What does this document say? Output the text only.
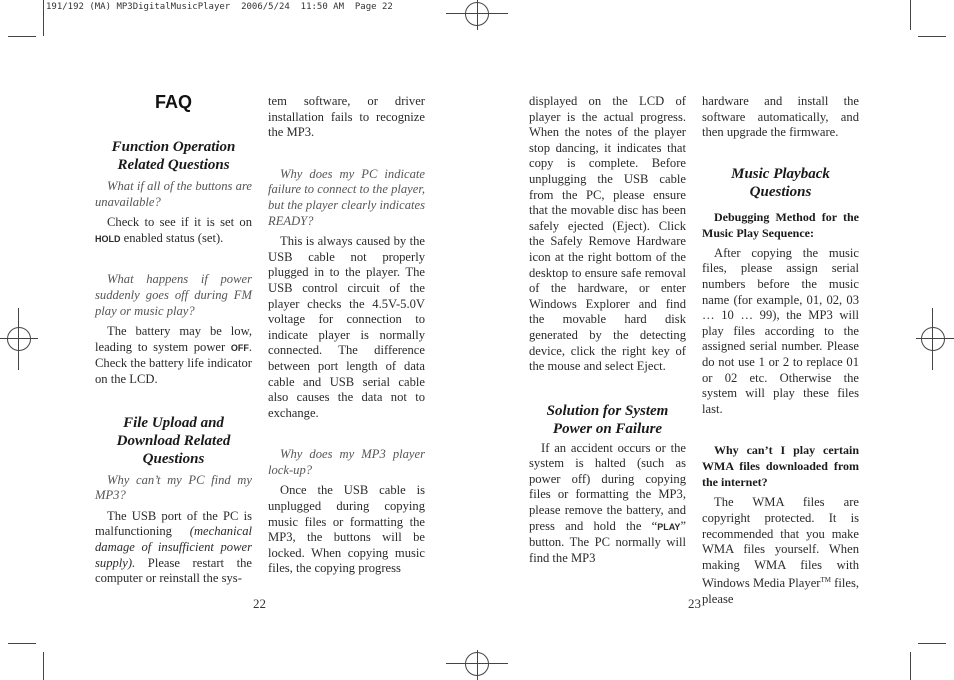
191/192 (MA) MP3DigitalMusicPlayer  2006/5/24  11:50 AM  Page 22
FAQ

Function Operation Related Questions

What if all of the buttons are unavailable?

Check to see if it is set on HOLD enabled status (set).

What happens if power suddenly goes off during FM play or music play?

The battery may be low, leading to system power OFF. Check the battery life indicator on the LCD.

File Upload and Download Related Questions

Why can’t my PC find my MP3?

The USB port of the PC is malfunctioning (mechanical damage of insufficient power supply). Please restart the computer or reinstall the sys-

tem software, or driver installation fails to recognize the MP3.

Why does my PC indicate failure to connect to the player, but the player clearly indicates READY?

This is always caused by the USB cable not properly plugged in to the player. The USB control circuit of the player checks the 4.5V-5.0V voltage for connection to indicate player is normally connected. The difference between port length of data cable and USB serial cable also causes the data not to exchange.

Why does my MP3 player lock-up?

Once the USB cable is unplugged during copying music files or formatting the MP3, the buttons will be locked. When copying music files, the copying progress

displayed on the LCD of player is the actual progress. When the notes of the player stop dancing, it indicates that copy is complete. Before unplugging the USB cable from the PC, please ensure that the movable disc has been safely ejected (Eject). Click the Safely Remove Hardware icon at the right bottom of the desktop to ensure safe removal of the hardware, or enter Windows Explorer and find the movable hard disk generated by the detecting device, click the right key of the mouse and select Eject.

Solution for System Power on Failure

If an accident occurs or the system is halted (such as power off) during copying files or formatting the MP3, please remove the battery, and press and hold the “PLAY” button. The PC normally will find the MP3

hardware and install the software automatically, and then upgrade the firmware.

Music Playback Questions

Debugging Method for the Music Play Sequence:

After copying the music files, please assign serial numbers before the music name (for example, 01, 02, 03 … 10 … 99), the MP3 will play files according to the assigned serial number. Please do not use 1 or 2 to replace 01 or 02 etc. Otherwise the system will play these files last.

Why can’t I play certain WMA files downloaded from the internet?

The WMA files are copyright protected. It is recommended that you make WMA files yourself. When making WMA files with Windows Media Player™ files, please

22	23
